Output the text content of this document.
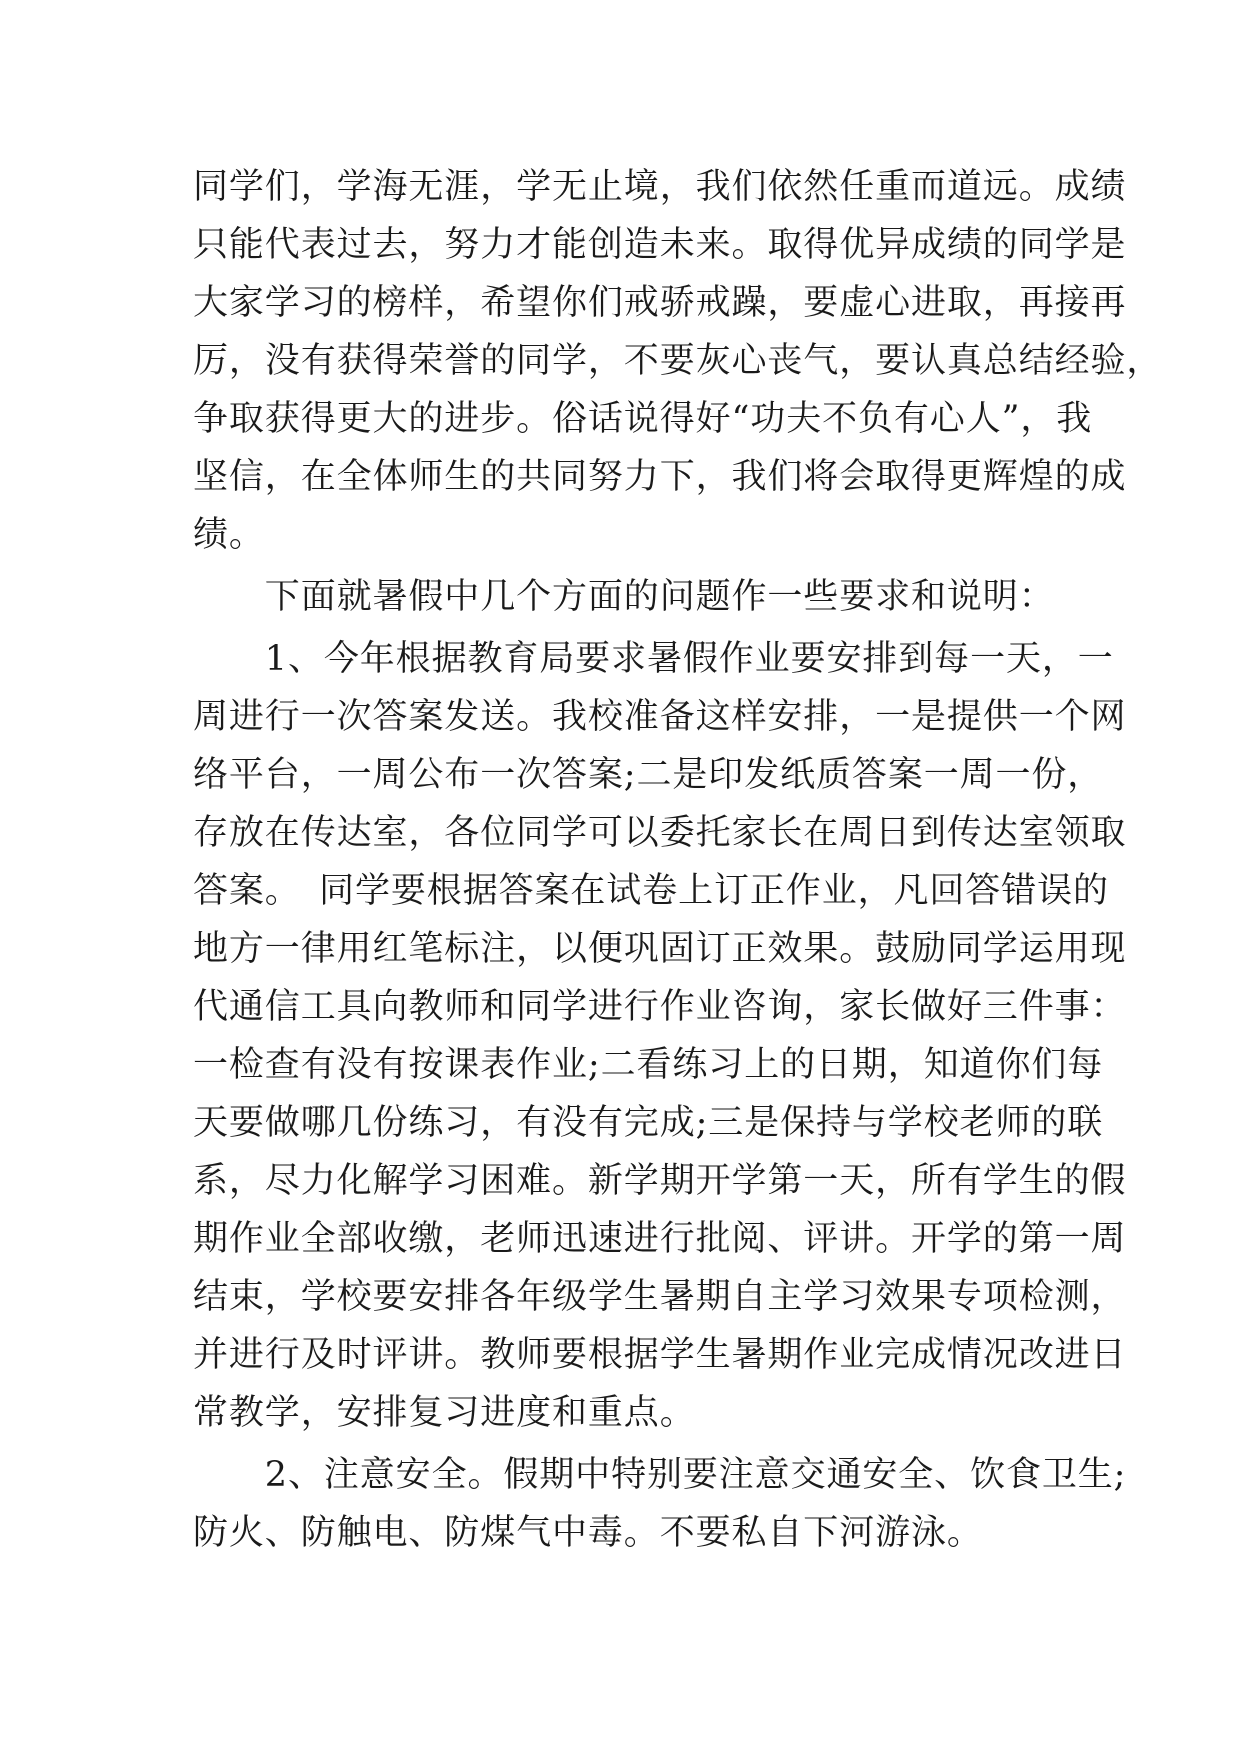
同学们，学海无涯，学无止境，我们依然任重而道远。成绩
只能代表过去，努力才能创造未来。取得优异成绩的同学是
大家学习的榜样，希望你们戒骄戒躁，要虚心进取，再接再
厉，没有获得荣誉的同学，不要灰心丧气，要认真总结经验，
争取获得更大的进步。俗话说得好“功夫不负有心人”，我
坚信，在全体师生的共同努力下，我们将会取得更辉煌的成
绩。
　　下面就暑假中几个方面的问题作一些要求和说明：
　　1、今年根据教育局要求暑假作业要安排到每一天，一
周进行一次答案发送。我校准备这样安排，一是提供一个网
络平台，一周公布一次答案;二是印发纸质答案一周一份，
存放在传达室，各位同学可以委托家长在周日到传达室领取
答案。　同学要根据答案在试卷上订正作业，凡回答错误的
地方一律用红笔标注，以便巩固订正效果。鼓励同学运用现
代通信工具向教师和同学进行作业咨询，家长做好三件事：
一检查有没有按课表作业;二看练习上的日期，知道你们每
天要做哪几份练习，有没有完成;三是保持与学校老师的联
系，尽力化解学习困难。新学期开学第一天，所有学生的假
期作业全部收缴，老师迅速进行批阅、评讲。开学的第一周
结束，学校要安排各年级学生暑期自主学习效果专项检测，
并进行及时评讲。教师要根据学生暑期作业完成情况改进日
常教学，安排复习进度和重点。
　　2、注意安全。假期中特别要注意交通安全、饮食卫生;
防火、防触电、防煤气中毒。不要私自下河游泳。
